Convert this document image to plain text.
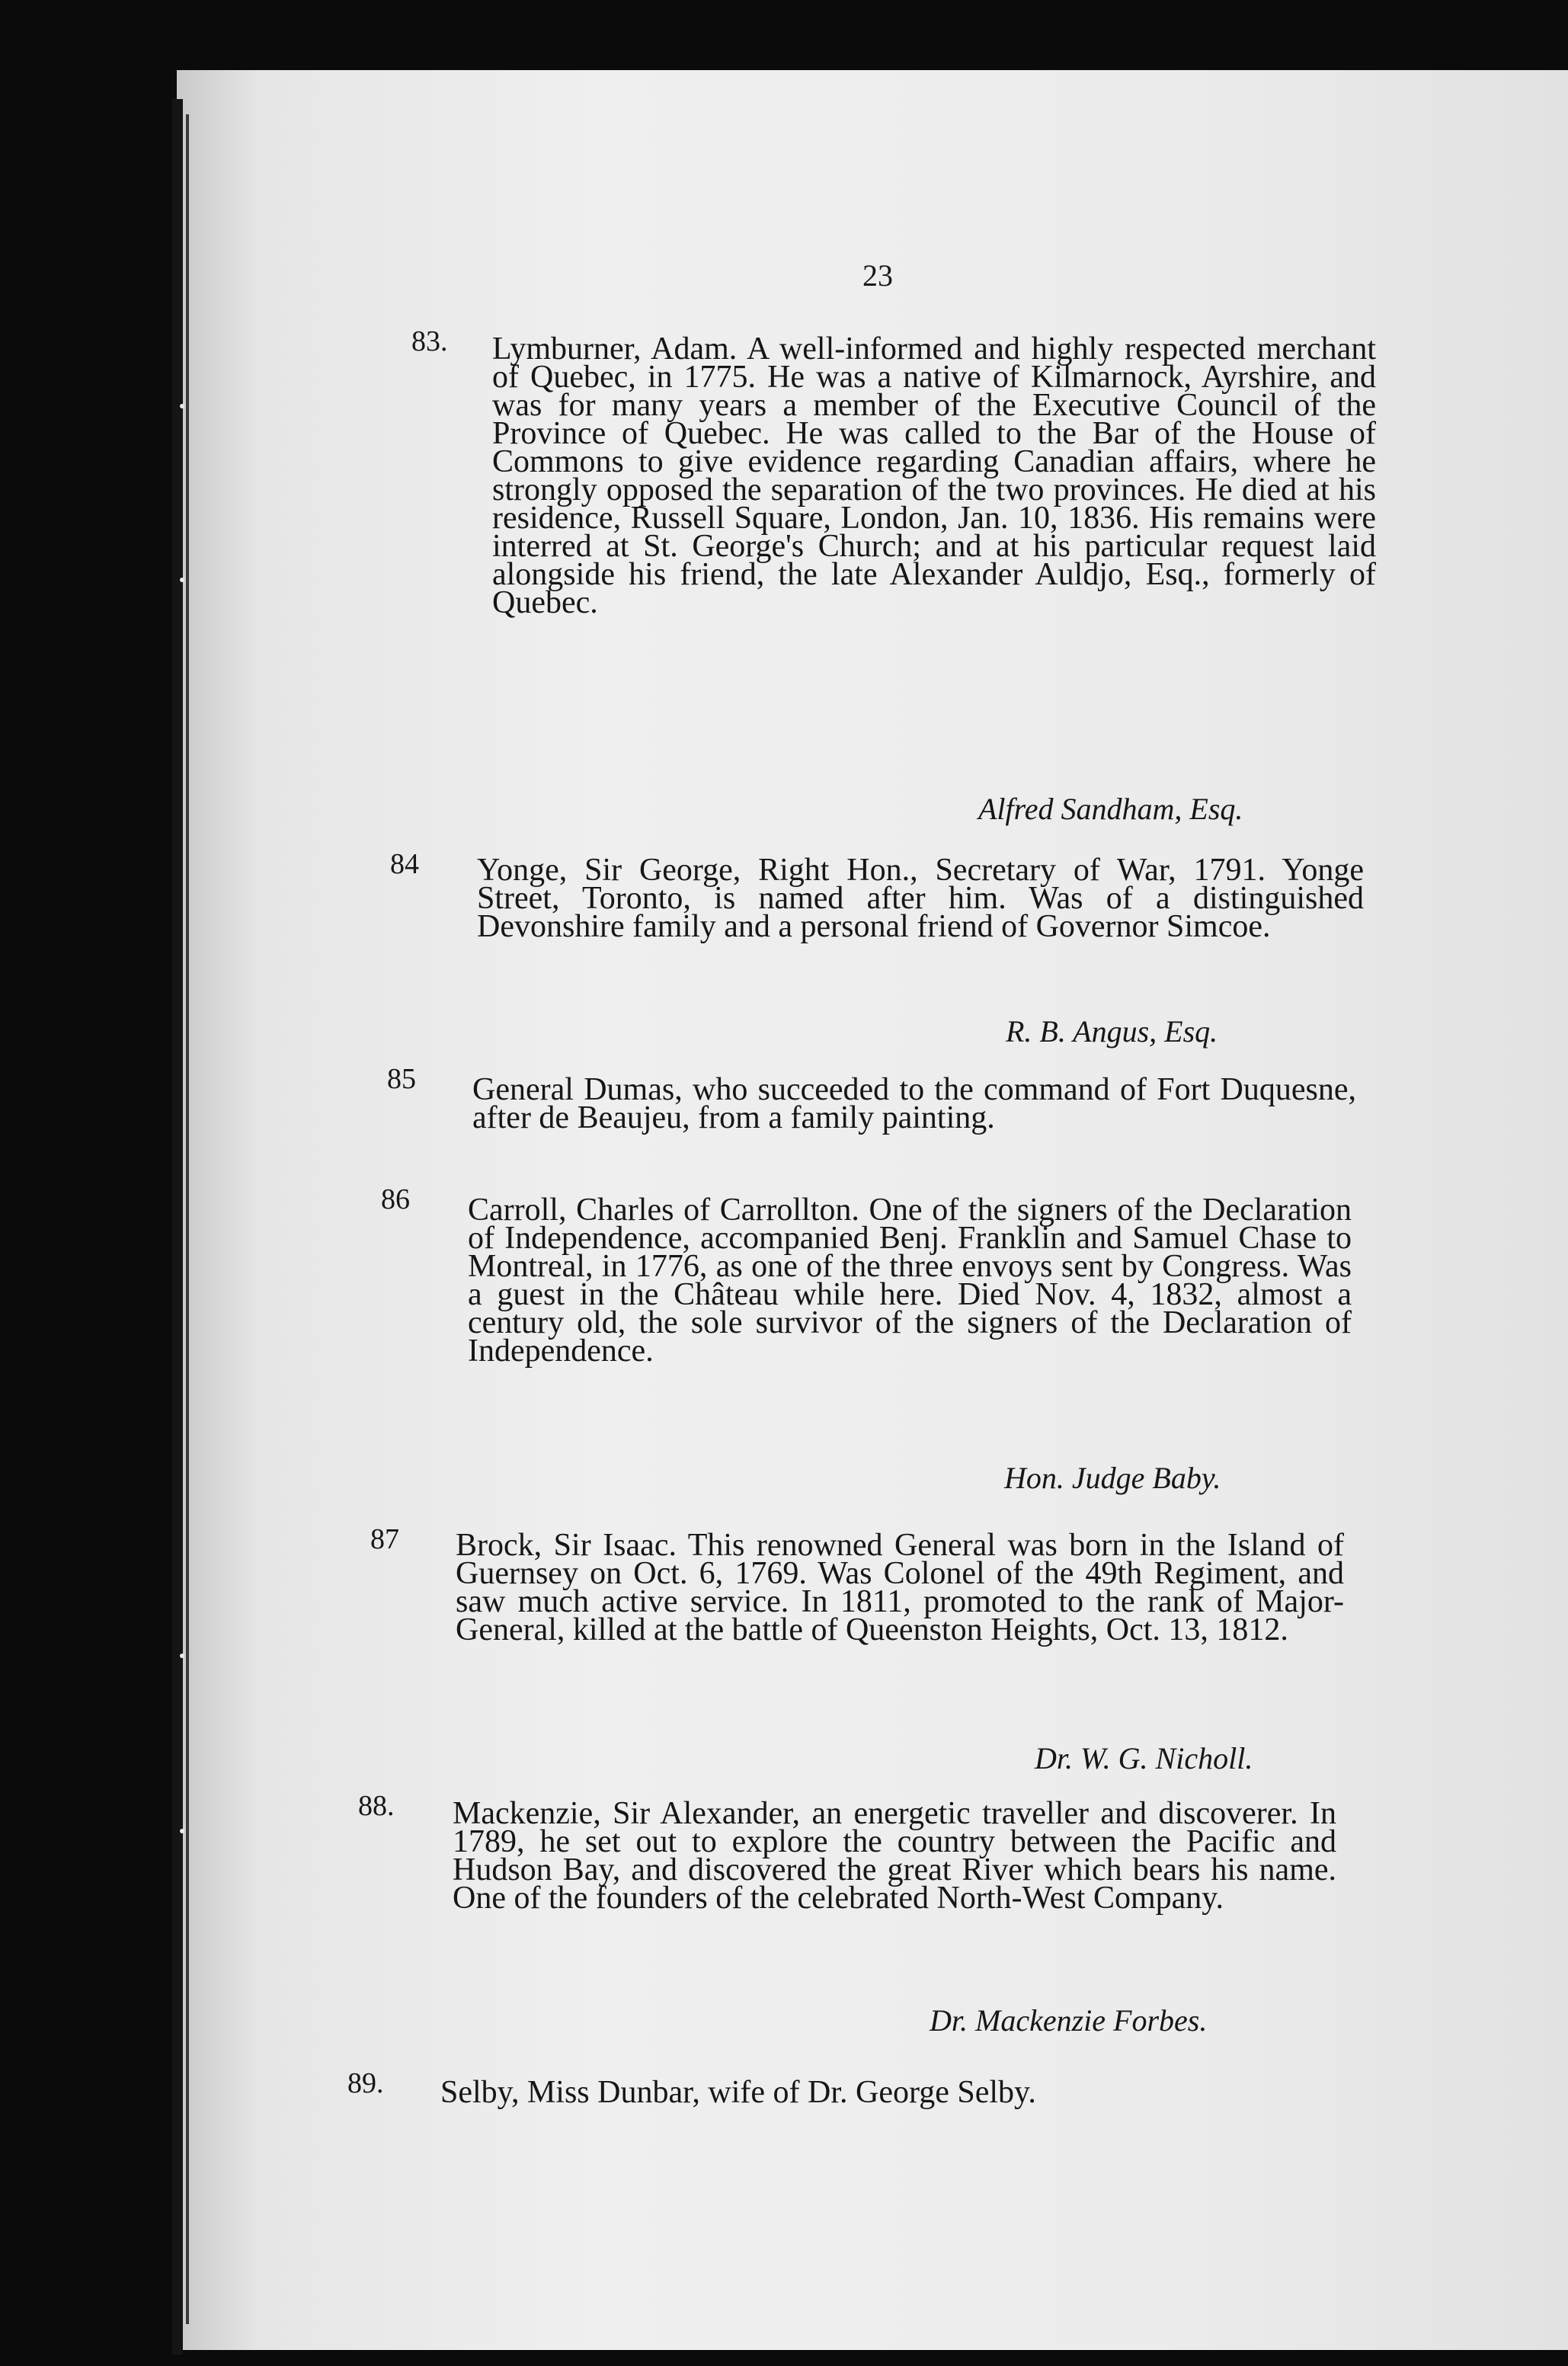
23
83. Lymburner, Adam. A well-informed and highly respected merchant of Quebec, in 1775. He was a native of Kilmarnock, Ayrshire, and was for many years a member of the Executive Council of the Province of Quebec. He was called to the Bar of the House of Commons to give evidence regarding Canadian affairs, where he strongly opposed the separation of the two provinces. He died at his residence, Russell Square, London, Jan. 10, 1836. His remains were interred at St. George's Church; and at his particular request laid alongside his friend, the late Alexander Auldjo, Esq., formerly of Quebec.
Alfred Sandham, Esq.
84 Yonge, Sir George, Right Hon., Secretary of War, 1791. Yonge Street, Toronto, is named after him. Was of a distinguished Devonshire family and a personal friend of Governor Simcoe.
R. B. Angus, Esq.
85 General Dumas, who succeeded to the command of Fort Duquesne, after de Beaujeu, from a family painting.
86 Carroll, Charles of Carrollton. One of the signers of the Declaration of Independence, accompanied Benj. Franklin and Samuel Chase to Montreal, in 1776, as one of the three envoys sent by Congress. Was a guest in the Château while here. Died Nov. 4, 1832, almost a century old, the sole survivor of the signers of the Declaration of Independence.
Hon. Judge Baby.
87 Brock, Sir Isaac. This renowned General was born in the Island of Guernsey on Oct. 6, 1769. Was Colonel of the 49th Regiment, and saw much active service. In 1811, promoted to the rank of Major-General, killed at the battle of Queenston Heights, Oct. 13, 1812.
Dr. W. G. Nicholl.
88. Mackenzie, Sir Alexander, an energetic traveller and discoverer. In 1789, he set out to explore the country between the Pacific and Hudson Bay, and discovered the great River which bears his name. One of the founders of the celebrated North-West Company.
Dr. Mackenzie Forbes.
89. Selby, Miss Dunbar, wife of Dr. George Selby.
